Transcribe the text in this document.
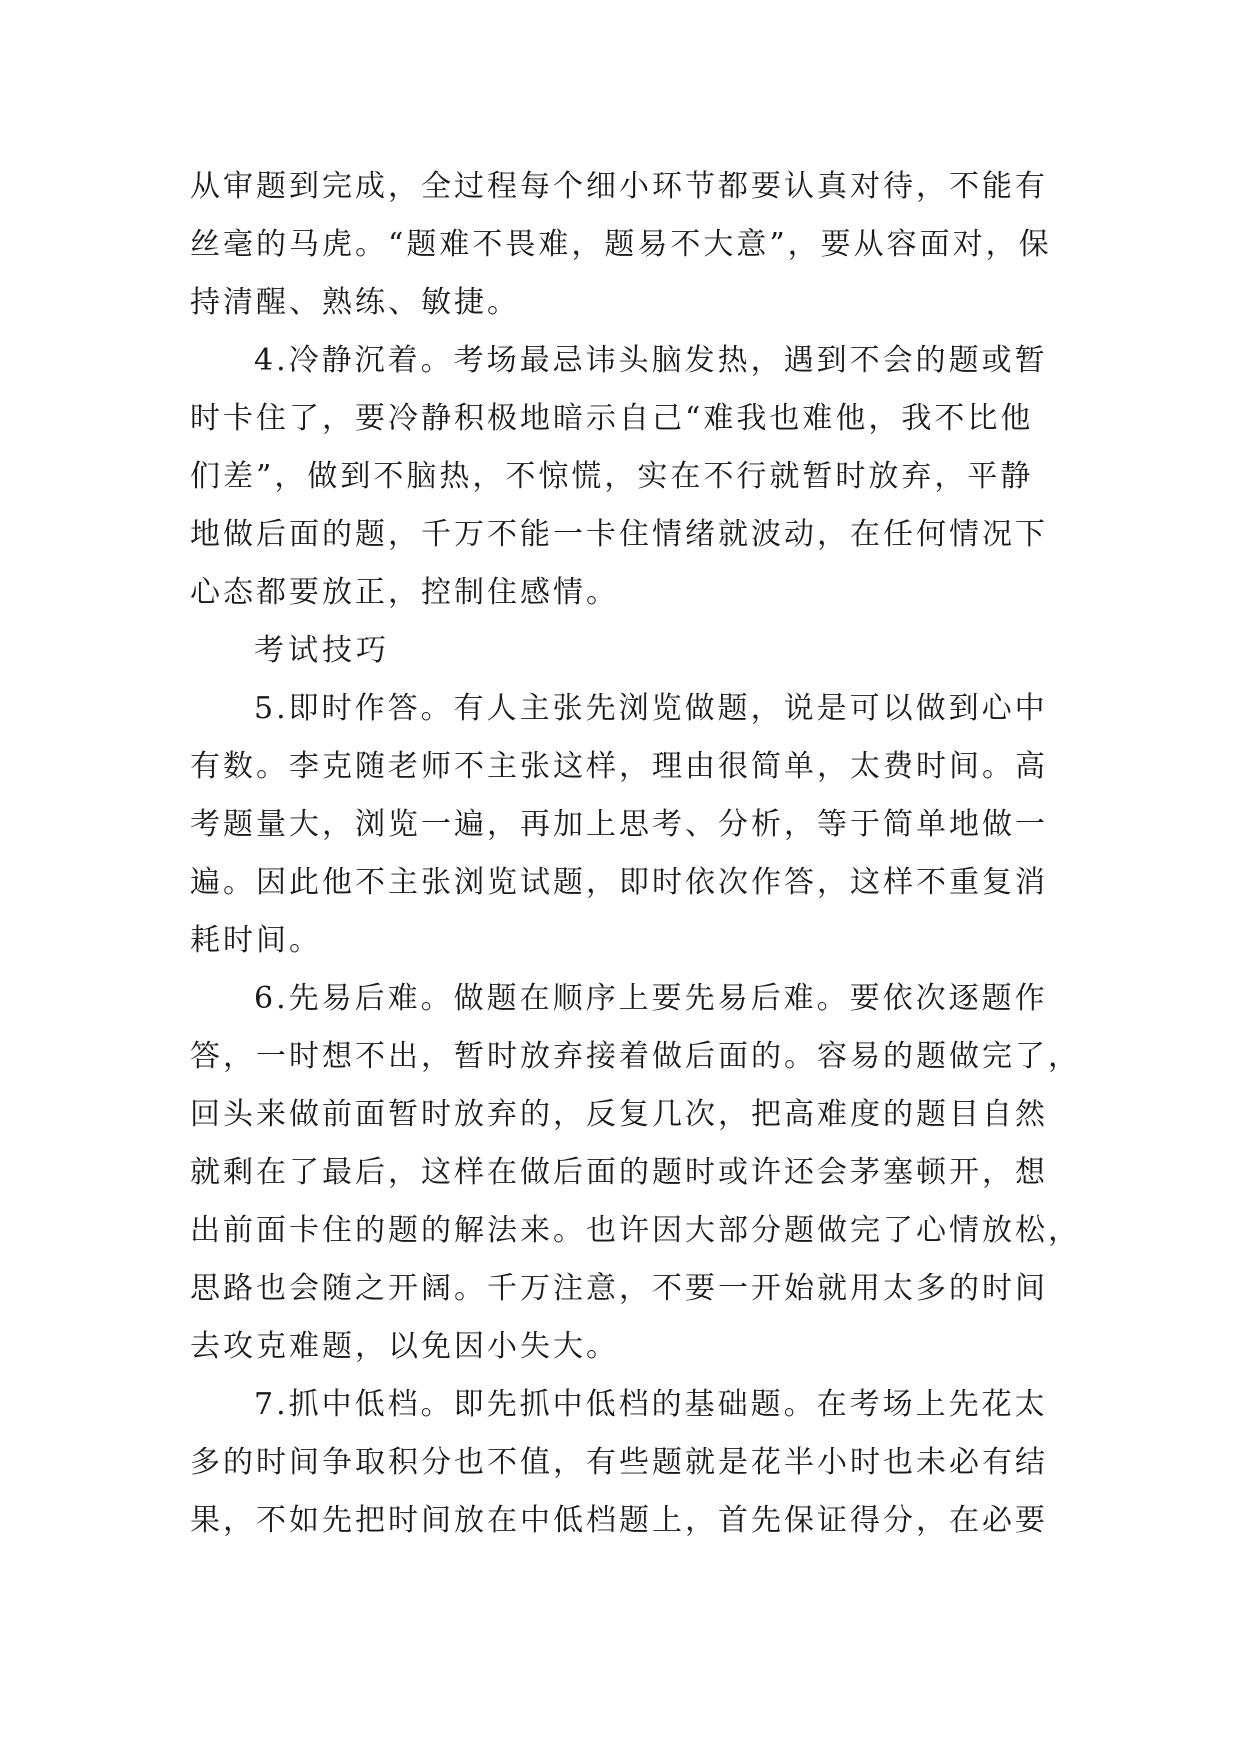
从审题到完成，全过程每个细小环节都要认真对待，不能有
丝毫的马虎。“题难不畏难，题易不大意”，要从容面对，保
持清醒、熟练、敏捷。
4.冷静沉着。考场最忌讳头脑发热，遇到不会的题或暂
时卡住了，要冷静积极地暗示自己“难我也难他，我不比他
们差”，做到不脑热，不惊慌，实在不行就暂时放弃，平静
地做后面的题，千万不能一卡住情绪就波动，在任何情况下
心态都要放正，控制住感情。
考试技巧
5.即时作答。有人主张先浏览做题，说是可以做到心中
有数。李克随老师不主张这样，理由很简单，太费时间。高
考题量大，浏览一遍，再加上思考、分析，等于简单地做一
遍。因此他不主张浏览试题，即时依次作答，这样不重复消
耗时间。
6.先易后难。做题在顺序上要先易后难。要依次逐题作
答，一时想不出，暂时放弃接着做后面的。容易的题做完了，
回头来做前面暂时放弃的，反复几次，把高难度的题目自然
就剩在了最后，这样在做后面的题时或许还会茅塞顿开，想
出前面卡住的题的解法来。也许因大部分题做完了心情放松，
思路也会随之开阔。千万注意，不要一开始就用太多的时间
去攻克难题，以免因小失大。
7.抓中低档。即先抓中低档的基础题。在考场上先花太
多的时间争取积分也不值，有些题就是花半小时也未必有结
果，不如先把时间放在中低档题上，首先保证得分，在必要
